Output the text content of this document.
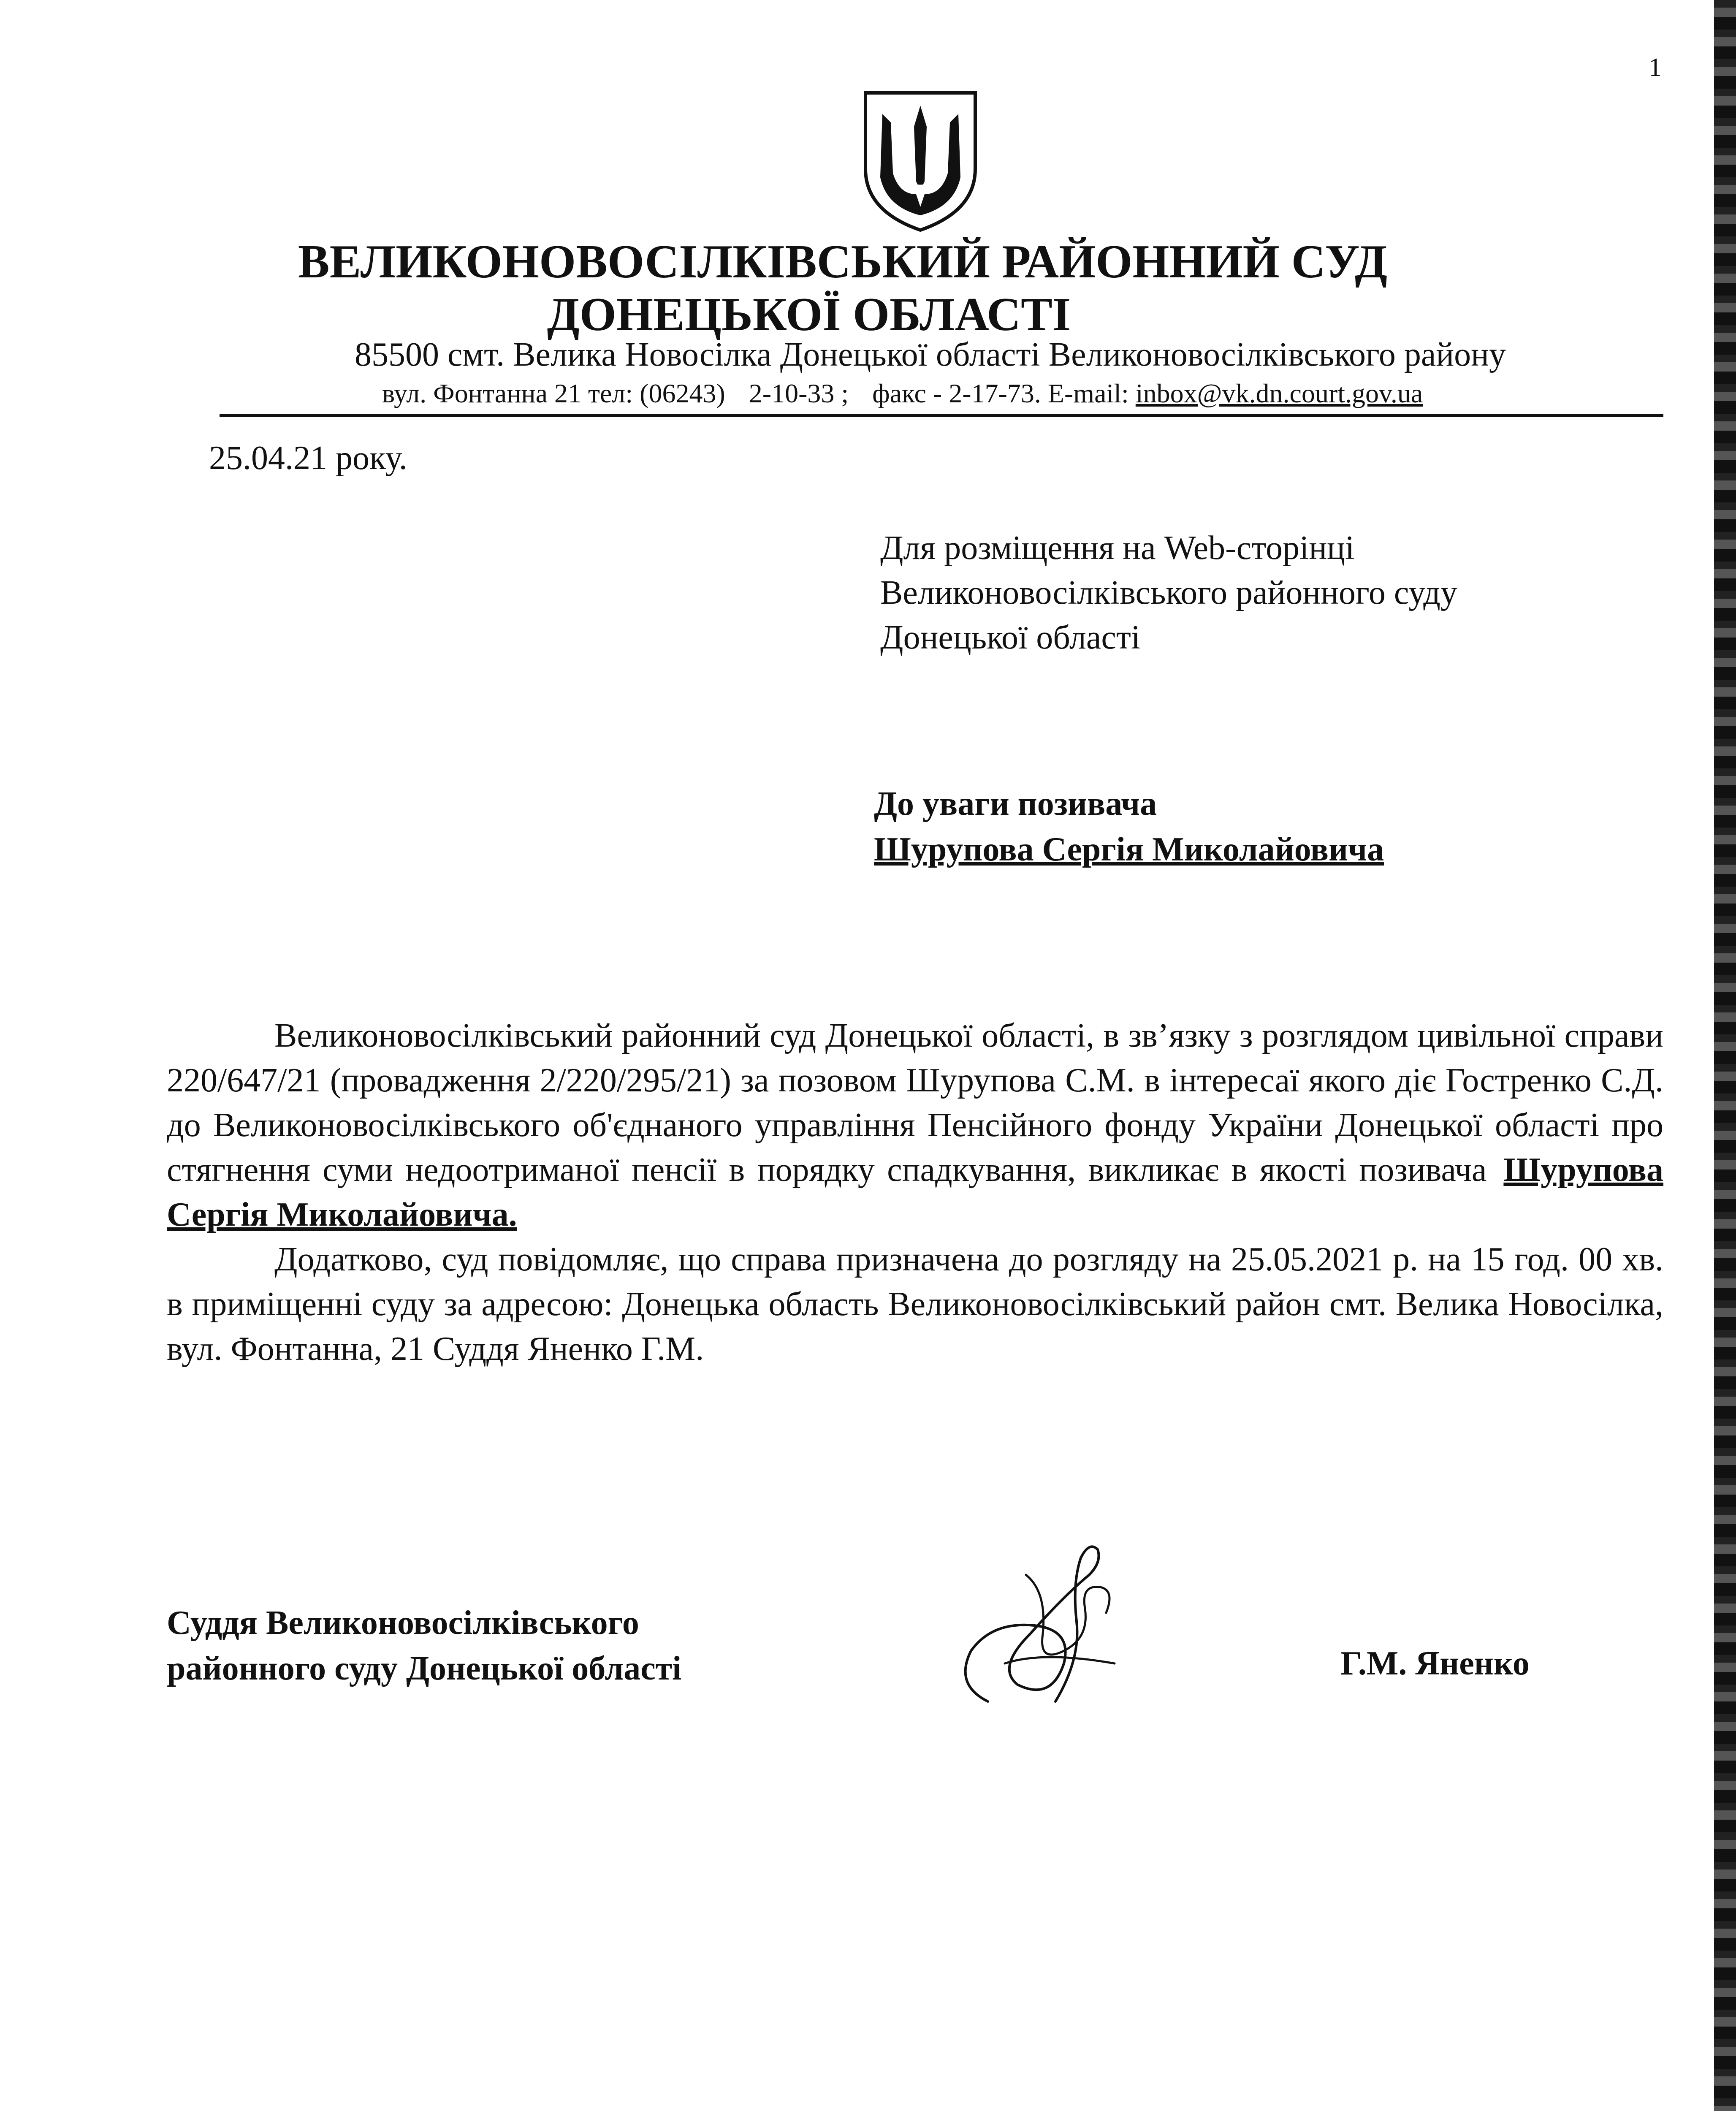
1
ВЕЛИКОНОВОСІЛКІВСЬКИЙ РАЙОННИЙ СУД
ДОНЕЦЬКОЇ ОБЛАСТІ
85500 смт. Велика Новосілка Донецької області Великоновосілківського району
вул. Фонтанна 21 тел: (06243) 2-10-33 ; факс - 2-17-73. E-mail: inbox@vk.dn.court.gov.ua
25.04.21 року.
Для розміщення на Web-сторінці
Великоновосілківського районного суду
Донецької області
До уваги позивача
Шурупова Сергія Миколайовича

Великоновосілківський районний суд Донецької області, в зв’язку з розглядом цивільної справи 220/647/21 (провадження 2/220/295/21) за позовом Шурупова С.М. в інтересаї якого діє Гостренко С.Д. до Великоновосілківського об'єднаного управління Пенсійного фонду України Донецької області про стягнення суми недоотриманої пенсії в порядку спадкування, викликає в якості позивача Шурупова Сергія Миколайовича.

Додатково, суд повідомляє, що справа призначена до розгляду на 25.05.2021 р. на 15 год. 00 хв. в приміщенні суду за адресою: Донецька область Великоновосілківський район смт. Велика Новосілка, вул. Фонтанна, 21 Суддя Яненко Г.М.

Суддя Великоновосілківського
районного суду Донецької області	Г.М. Яненко
